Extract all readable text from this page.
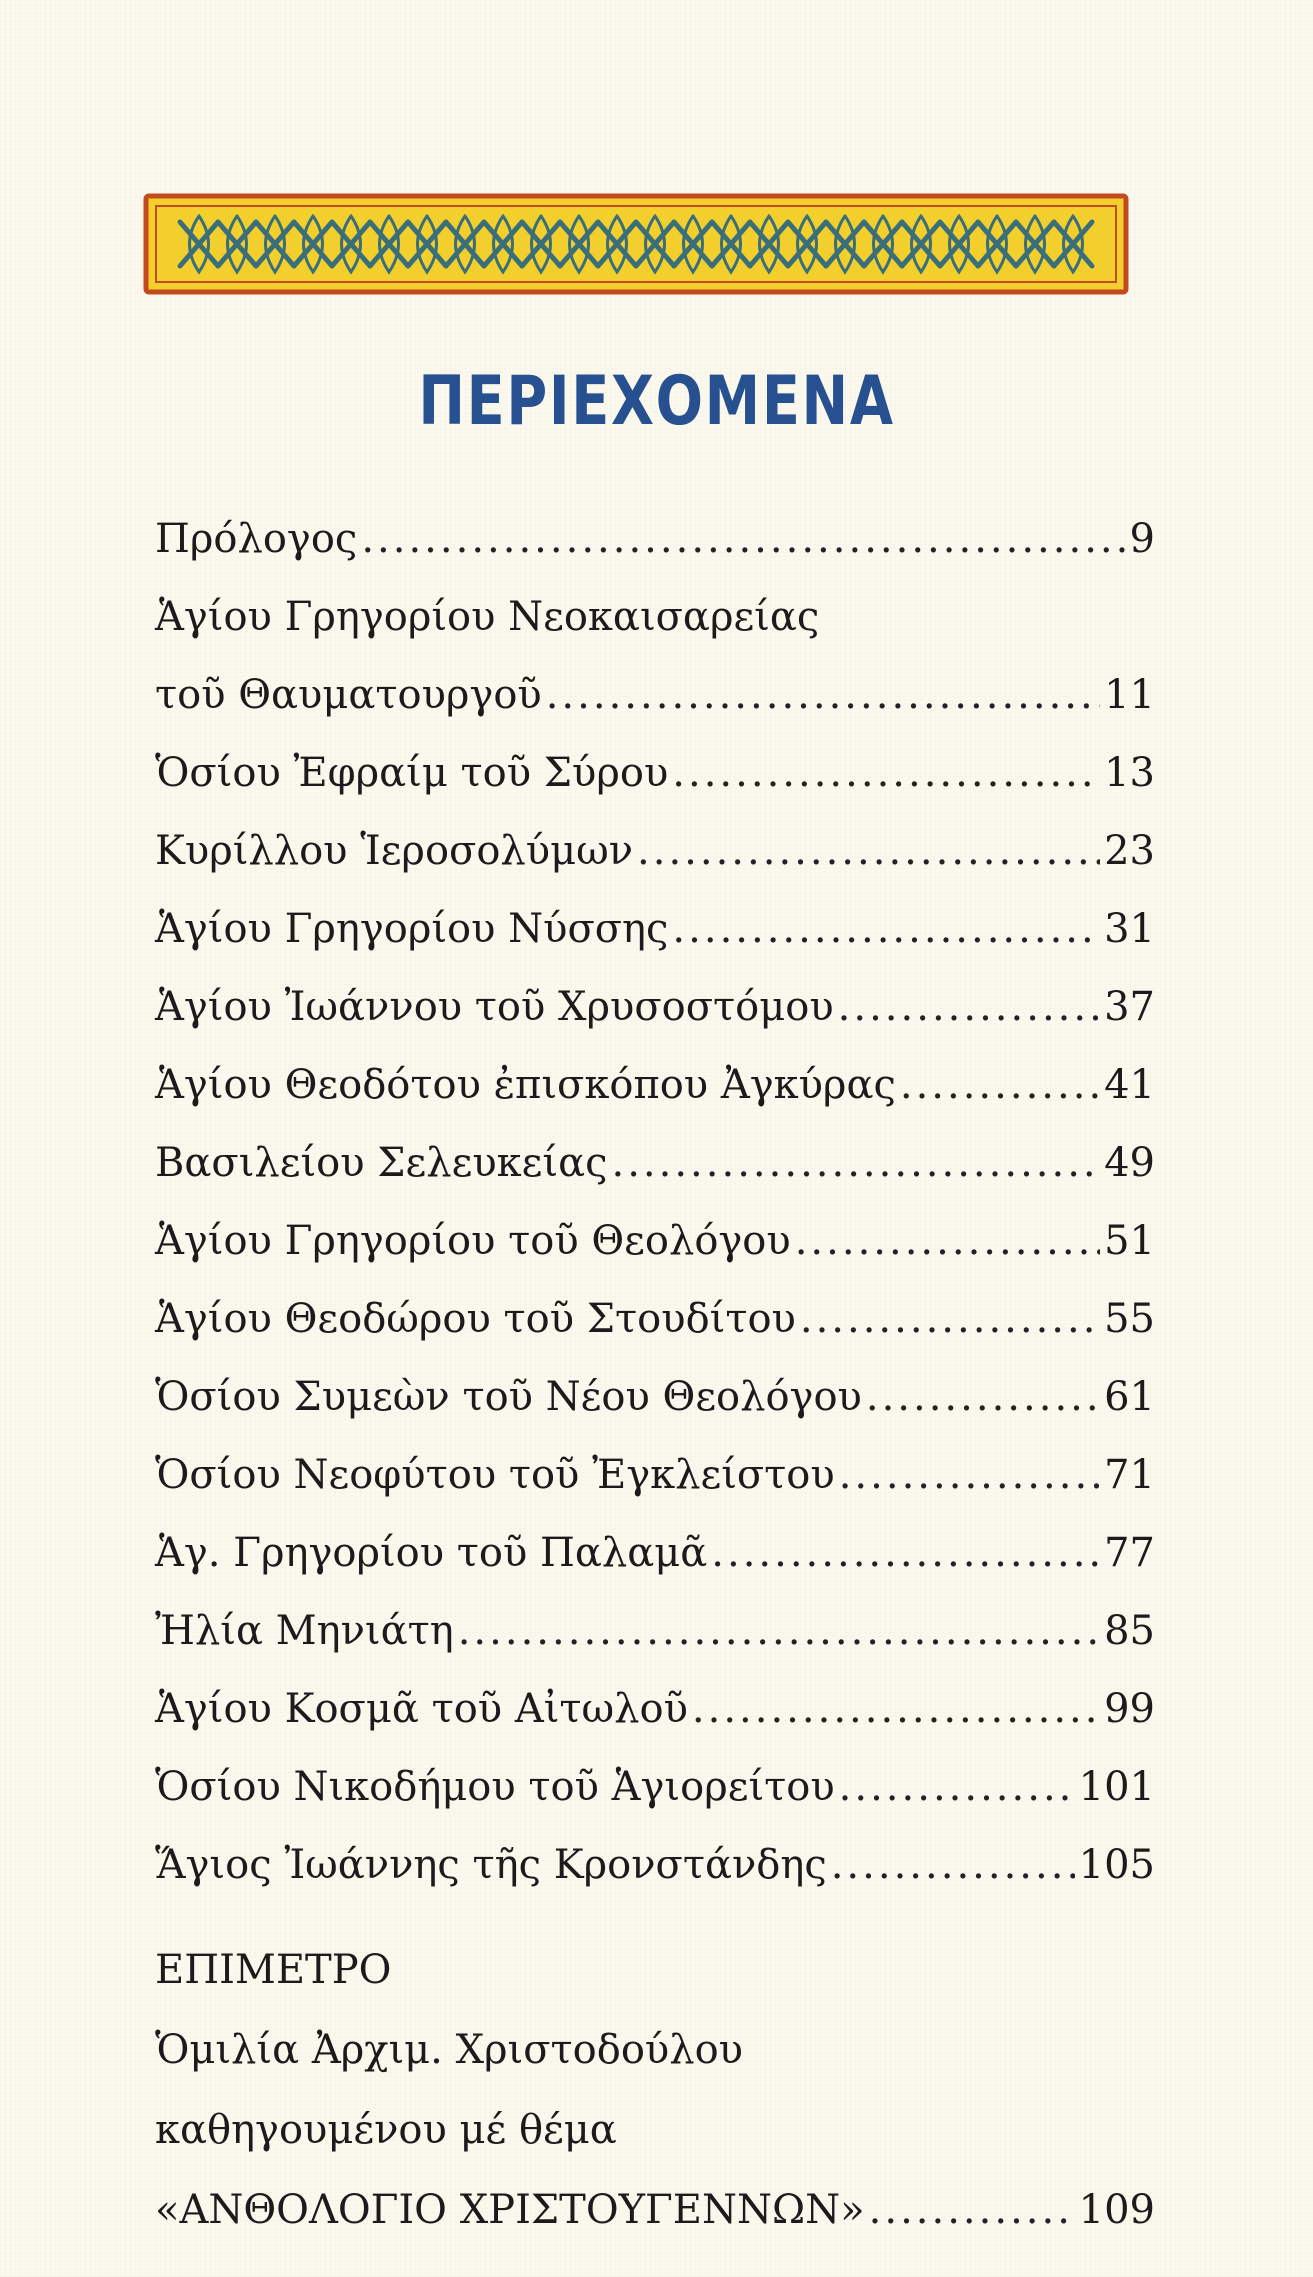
ΠΕΡΙΕΧΟΜΕΝΑ
Πρόλογος .....	9
Ἁγίου Γρηγορίου Νεοκαισαρείας
τοῦ Θαυματουργοῦ .....	11
Ὁσίου Ἐφραίμ τοῦ Σύρου .....	13
Κυρίλλου Ἱεροσολύμων .....	23
Ἁγίου Γρηγορίου Νύσσης .....	31
Ἁγίου Ἰωάννου τοῦ Χρυσοστόμου .....	37
Ἁγίου Θεοδότου ἐπισκόπου Ἀγκύρας .....	41
Βασιλείου Σελευκείας .....	49
Ἁγίου Γρηγορίου τοῦ Θεολόγου .....	51
Ἁγίου Θεοδώρου τοῦ Στουδίτου .....	55
Ὁσίου Συμεὼν τοῦ Νέου Θεολόγου .....	61
Ὁσίου Νεοφύτου τοῦ Ἐγκλείστου .....	71
Ἁγ. Γρηγορίου τοῦ Παλαμᾶ .....	77
Ἠλία Μηνιάτη .....	85
Ἁγίου Κοσμᾶ τοῦ Αἰτωλοῦ .....	99
Ὁσίου Νικοδήμου τοῦ Ἁγιορείτου .....	101
Ἅγιος Ἰωάννης τῆς Κρονστάνδης .....	105
ΕΠΙΜΕΤΡΟ
Ὁμιλία Ἀρχιμ. Χριστοδούλου
καθηγουμένου μέ θέμα
«ΑΝΘΟΛΟΓΙΟ ΧΡΙΣΤΟΥΓΕΝΝΩΝ» .....	109
